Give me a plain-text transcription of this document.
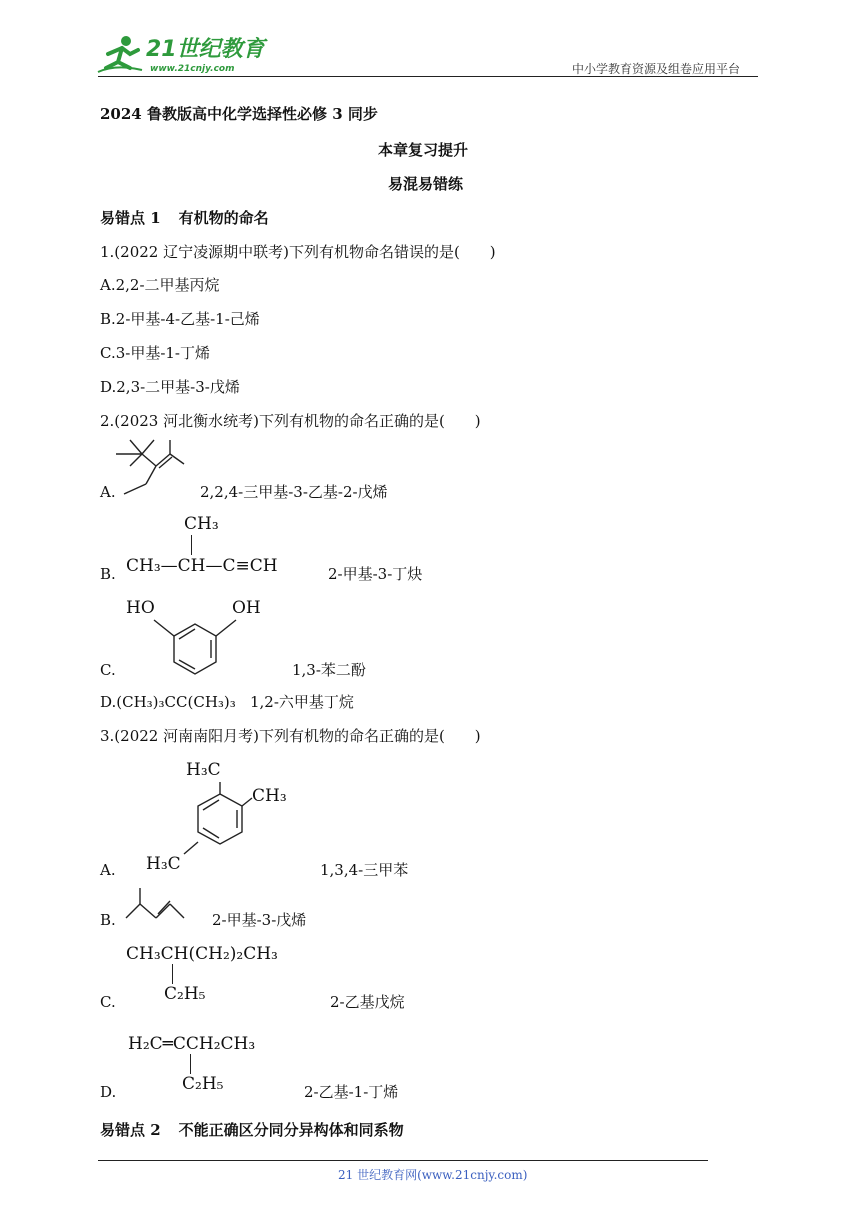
21世纪教育
www.21cnjy.com	中小学教育资源及组卷应用平台
2024 鲁教版高中化学选择性必修 3 同步
本章复习提升
易混易错练
易错点 1 有机物的命名
1.(2022 辽宁凌源期中联考)下列有机物命名错误的是(　　)
A.2,2-二甲基丙烷
B.2-甲基-4-乙基-1-己烯
C.3-甲基-1-丁烯
D.2,3-二甲基-3-戊烯
2.(2023 河北衡水统考)下列有机物的命名正确的是(　　)
A.	2,2,4-三甲基-3-乙基-2-戊烯
B.
CH₃
CH₃—CH—C≡CH	2-甲基-3-丁炔
C.
HO	OH
1,3-苯二酚
D.(CH₃)₃CC(CH₃)₃ 1,2-六甲基丁烷
3.(2022 河南南阳月考)下列有机物的命名正确的是(　　)
A.
H₃C
CH₃
H₃C	1,3,4-三甲苯
B.	2-甲基-3-戊烯
C.
CH₃CH(CH₂)₂CH₃
C₂H₅	2-乙基戊烷
D.
H₂C═CCH₂CH₃
C₂H₅	2-乙基-1-丁烯
易错点 2 不能正确区分同分异构体和同系物
21 世纪教育网(www.21cnjy.com)
